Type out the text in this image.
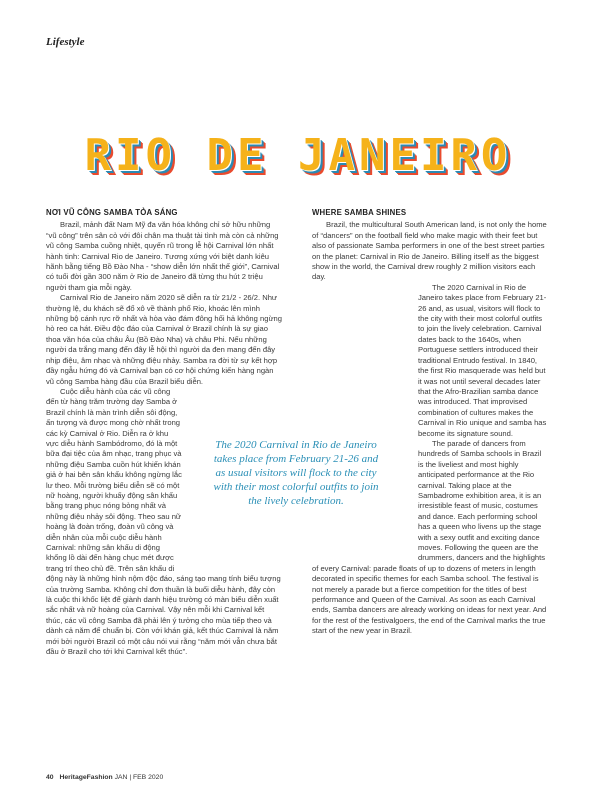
Lifestyle
RIO DE JANEIRO
NƠI VŨ CÔNG SAMBA TỎA SÁNG

Brazil, mảnh đất Nam Mỹ đa văn hóa không chỉ sở hữu những “vũ công” trên sân cỏ với đôi chân ma thuật tài tình mà còn cả những vũ công Samba cuồng nhiệt, quyến rũ trong lễ hội Carnival lớn nhất hành tinh: Carnival Rio de Janeiro. Tương xứng với biệt danh kiêu hãnh bằng tiếng Bồ Đào Nha - “show diễn lớn nhất thế giới”, Carnival có tuổi đời gần 300 năm ở Rio de Janeiro đã từng thu hút 2 triệu người tham gia mỗi ngày.

Carnival Rio de Janeiro năm 2020 sẽ diễn ra từ 21/2 - 26/2. Như thường lệ, du khách sẽ đổ xô về thành phố Rio, khoác lên mình những bộ cánh rực rỡ nhất và hòa vào đám đông hối hả không ngừng hò reo ca hát. Điều độc đáo của Carnival ở Brazil chính là sự giao thoa văn hóa của châu Âu (Bồ Đào Nha) và châu Phi. Nếu những người da trắng mang đến đây lễ hội thì người da đen mang đến đây nhịp điệu, âm nhạc và những điệu nhảy. Samba ra đời từ sự kết hợp đầy ngẫu hứng đó và Carnival bạn có cơ hội chứng kiến hàng ngàn vũ công Samba hàng đầu của Brazil biểu diễn.

Cuộc diễu hành của các vũ công đến từ hàng trăm trường dạy Samba ở Brazil chính là màn trình diễn sôi động, ấn tượng và được mong chờ nhất trong các kỳ Carnival ở Rio. Diễn ra ở khu vực diễu hành Sambódromo, đó là một bữa đại tiệc của âm nhạc, trang phục và những điệu Samba cuồn hút khiến khán giả ở hai bên sân khấu không ngừng lắc lư theo. Mỗi trường biểu diễn sẽ có một nữ hoàng, người khuấy động sân khấu bằng trang phục nóng bỏng nhất và những điệu nhảy sôi động. Theo sau nữ hoàng là đoàn trống, đoàn vũ công và diễn nhân của mỗi cuộc diễu hành Carnival: những sân khấu di động khổng lồ dài đến hàng chục mét được trang trí theo chủ đề. Trên sân khấu di động này là những hình nộm độc đáo, sáng tạo mang tính biểu tượng của trường Samba. Không chỉ đơn thuần là buổi diễu hành, đây còn là cuộc thi khốc liệt để giành danh hiệu trường có màn biểu diễn xuất sắc nhất và nữ hoàng của Carnival. Vậy nên mỗi khi Carnival kết thúc, các vũ công Samba đã phải lên ý tưởng cho mùa tiếp theo và dành cả năm để chuẩn bị. Còn với khán giả, kết thúc Carnival là năm mới bởi người Brazil có một câu nói vui rằng “năm mới vẫn chưa bắt đầu ở Brazil cho tới khi Carnival kết thúc”.

WHERE SAMBA SHINES

Brazil, the multicultural South American land, is not only the home of “dancers” on the football field who make magic with their feet but also of passionate Samba performers in one of the best street parties on the planet: Carnival in Rio de Janeiro. Billing itself as the biggest show in the world, the Carnival drew roughly 2 million visitors each day.

The 2020 Carnival in Rio de Janeiro takes place from February 21-26 and, as usual, visitors will flock to the city with their most colorful outfits to join the lively celebration. Carnival dates back to the 1640s, when Portuguese settlers introduced their traditional Entrudo festival. In 1840, the first Rio masquerade was held but it was not until several decades later that the Afro-Brazilian samba dance was introduced. That improvised combination of cultures makes the Carnival in Rio unique and samba has become its signature sound.

The parade of dancers from hundreds of Samba schools in Brazil is the liveliest and most highly anticipated performance at the Rio carnival. Taking place at the Sambadrome exhibition area, it is an irresistible feast of music, costumes and dance. Each performing school has a queen who livens up the stage with a sexy outfit and exciting dance moves. Following the queen are the drummers, dancers and the highlights of every Carnival: parade floats of up to dozens of meters in length decorated in specific themes for each Samba school. The festival is not merely a parade but a fierce competition for the titles of best performance and Queen of the Carnival. As soon as each Carnival ends, Samba dancers are already working on ideas for next year. And for the rest of the festivalgoers, the end of the Carnival marks the true start of the new year in Brazil.

The 2020 Carnival in Rio de Janeiro takes place from February 21-26 and as usual visitors will flock to the city with their most colorful outfits to join the lively celebration.
40 HeritageFashion JAN | FEB 2020
